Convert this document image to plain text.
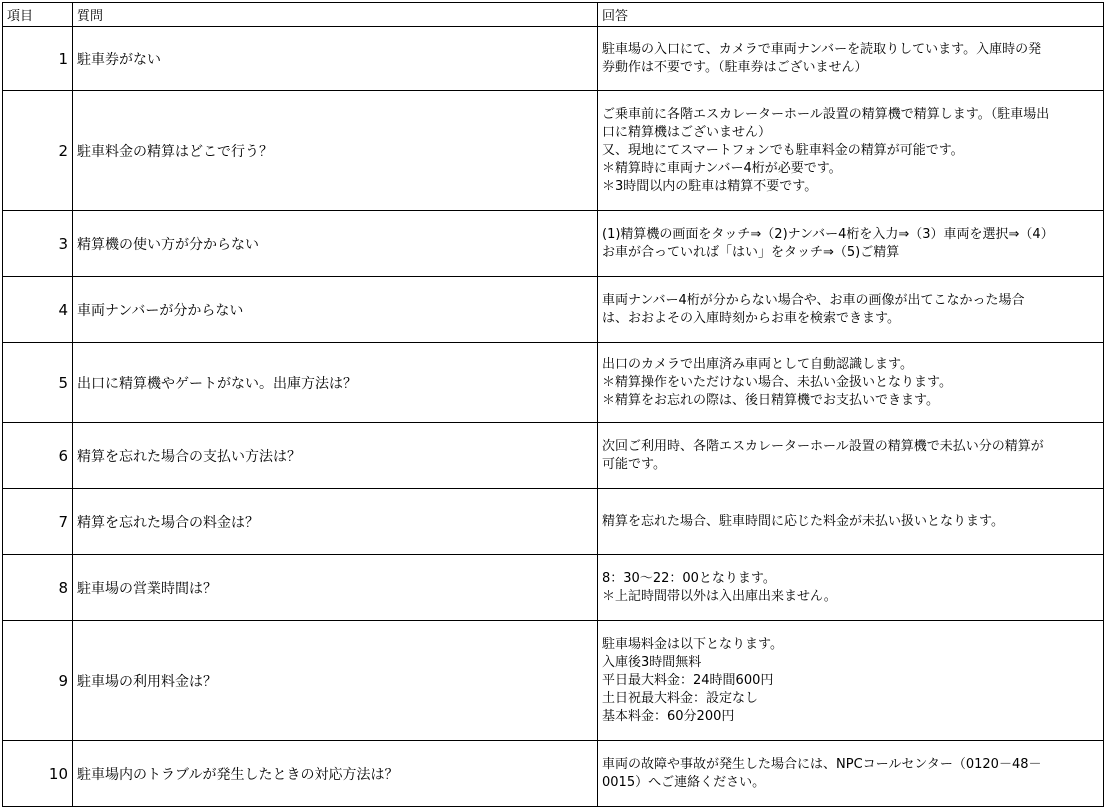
項目	質問	回答
1	駐車券がない	駐車場の入口にて、カメラで車両ナンバーを読取りしています。入庫時の発
券動作は不要です。（駐車券はございません）

2	駐車料金の精算はどこで行う？	ご乗車前に各階エスカレーターホール設置の精算機で精算します。（駐車場出
口に精算機はございません）
又、現地にてスマートフォンでも駐車料金の精算が可能です。
＊精算時に車両ナンバー4桁が必要です。
＊3時間以内の駐車は精算不要です。

3	精算機の使い方が分からない	(1)精算機の画面をタッチ⇒（2)ナンバー4桁を入力⇒（3）車両を選択⇒（4）
お車が合っていれば「はい」をタッチ⇒（5)ご精算

4	車両ナンバーが分からない	車両ナンバー4桁が分からない場合や、お車の画像が出てこなかった場合
は、おおよその入庫時刻からお車を検索できます。

5	出口に精算機やゲートがない。出庫方法は？	出口のカメラで出庫済み車両として自動認識します。
＊精算操作をいただけない場合、未払い金扱いとなります。
＊精算をお忘れの際は、後日精算機でお支払いできます。

6	精算を忘れた場合の支払い方法は？	次回ご利用時、各階エスカレーターホール設置の精算機で未払い分の精算が
可能です。

7	精算を忘れた場合の料金は？	精算を忘れた場合、駐車時間に応じた料金が未払い扱いとなります。

8	駐車場の営業時間は？	8：30～22：00となります。
＊上記時間帯以外は入出庫出来ません。

9	駐車場の利用料金は？	駐車場料金は以下となります。
入庫後3時間無料
平日最大料金：24時間600円
土日祝最大料金：設定なし
基本料金：60分200円

10	駐車場内のトラブルが発生したときの対応方法は？	車両の故障や事故が発生した場合には、NPCコールセンター（0120－48－
0015）へご連絡ください。
